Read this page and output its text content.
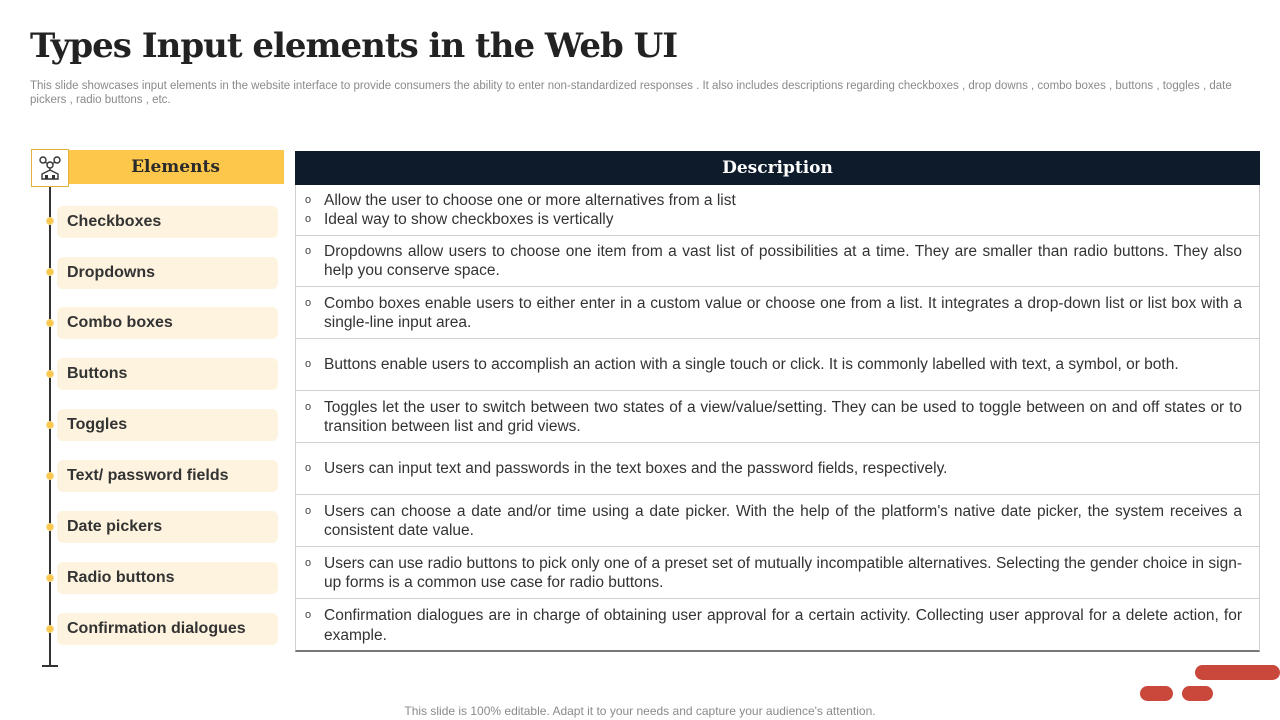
Types Input elements in the Web UI
This slide showcases input elements in the website interface to provide consumers the ability to enter non-standardized responses . It also includes descriptions regarding checkboxes , drop downs , combo boxes , buttons , toggles , date pickers , radio buttons , etc.
Elements
Checkboxes
Dropdowns
Combo boxes
Buttons
Toggles
Text/ password fields
Date pickers
Radio buttons
Confirmation dialogues
Description
o Allow the user to choose one or more alternatives from a list
o Ideal way to show checkboxes is vertically
o Dropdowns allow users to choose one item from a vast list of possibilities at a time. They are smaller than radio buttons. They also help you conserve space.
o Combo boxes enable users to either enter in a custom value or choose one from a list. It integrates a drop-down list or list box with a single-line input area.
o Buttons enable users to accomplish an action with a single touch or click. It is commonly labelled with text, a symbol, or both.
o Toggles let the user to switch between two states of a view/value/setting. They can be used to toggle between on and off states or to transition between list and grid views.
o Users can input text and passwords in the text boxes and the password fields, respectively.
o Users can choose a date and/or time using a date picker. With the help of the platform's native date picker, the system receives a consistent date value.
o Users can use radio buttons to pick only one of a preset set of mutually incompatible alternatives. Selecting the gender choice in sign-up forms is a common use case for radio buttons.
o Confirmation dialogues are in charge of obtaining user approval for a certain activity. Collecting user approval for a delete action, for example.
This slide is 100% editable. Adapt it to your needs and capture your audience's attention.
